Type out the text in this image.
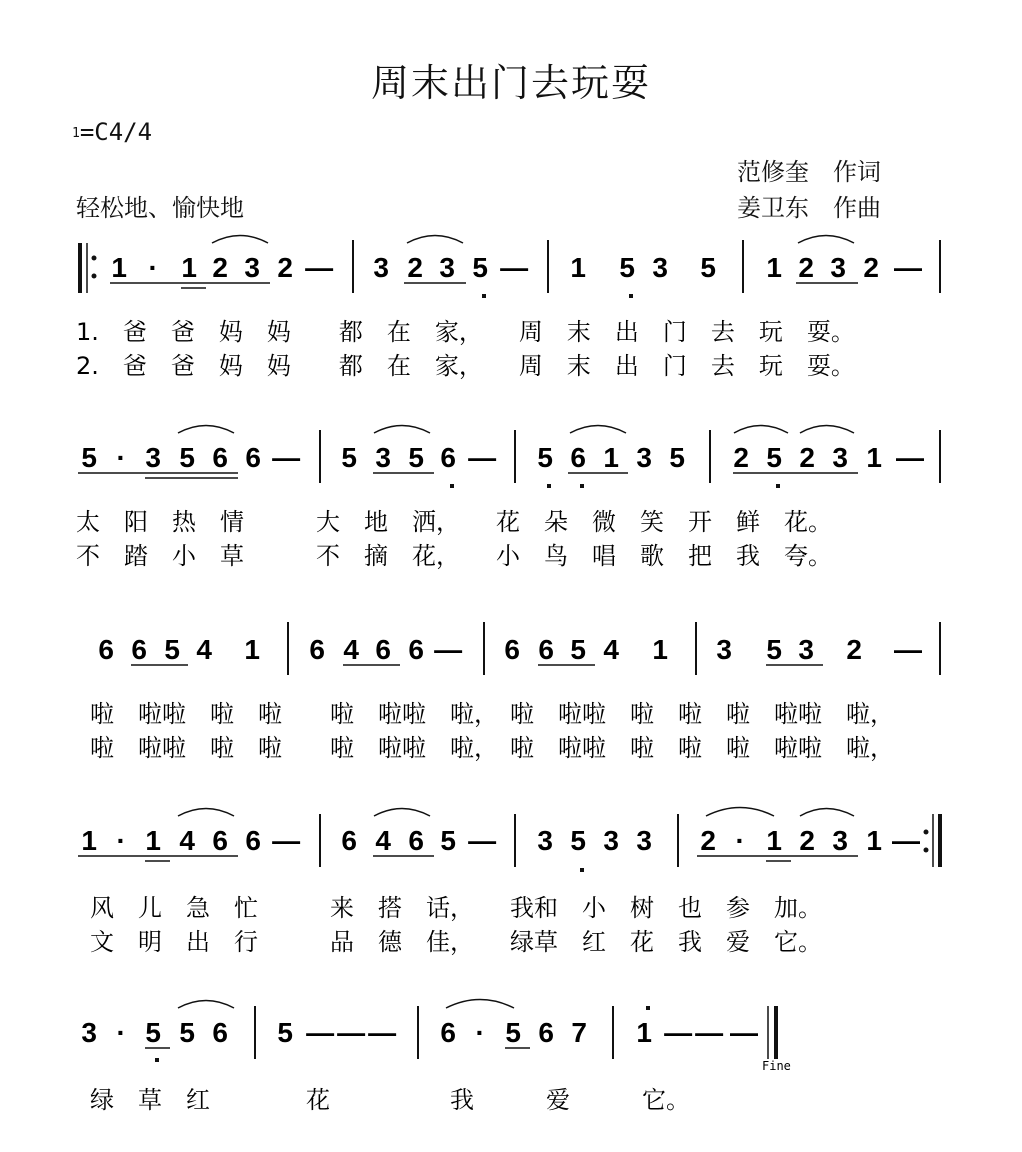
周末出门去玩耍
1=C4/4
范修奎　作词
姜卫东　作曲
轻松地、愉快地
1 · 1 2 3 2 — 3 2 3 5 — 1 5 3 5 1 2 3 2 —
1.　爸　爸　妈　妈　　都　在　家，　　周　末　出　门　去　玩　耍。
2.　爸　爸　妈　妈　　都　在　家，　　周　末　出　门　去　玩　耍。
5 · 3 5 6 6 — 5 3 5 6 — 5 6 1 3 5 2 5 2 3 1 —
太　阳　热　情　　　大　地　洒，　　花　朵　微　笑　开　鲜　花。
不　踏　小　草　　　不　摘　花，　　小　鸟　唱　歌　把　我　夸。
6 6 5 4 1 6 4 6 6 — 6 6 5 4 1 3 5 3 2 —
啦　啦啦　啦　啦　　啦　啦啦　啦，　啦　啦啦　啦　啦　啦　啦啦　啦，
啦　啦啦　啦　啦　　啦　啦啦　啦，　啦　啦啦　啦　啦　啦　啦啦　啦，
1 · 1 4 6 6 — 6 4 6 5 — 3 5 3 3 2 · 1 2 3 1 —
风　儿　急　忙　　　来　搭　话，　　我和　小　树　也　参　加。
文　明　出　行　　　品　德　佳，　　绿草　红　花　我　爱　它。
3 · 5 5 6 5 — — — 6 · 5 6 7 1 — — —
Fine
绿　草　红　　　　花　　　　　我　　　爱　　　它。
